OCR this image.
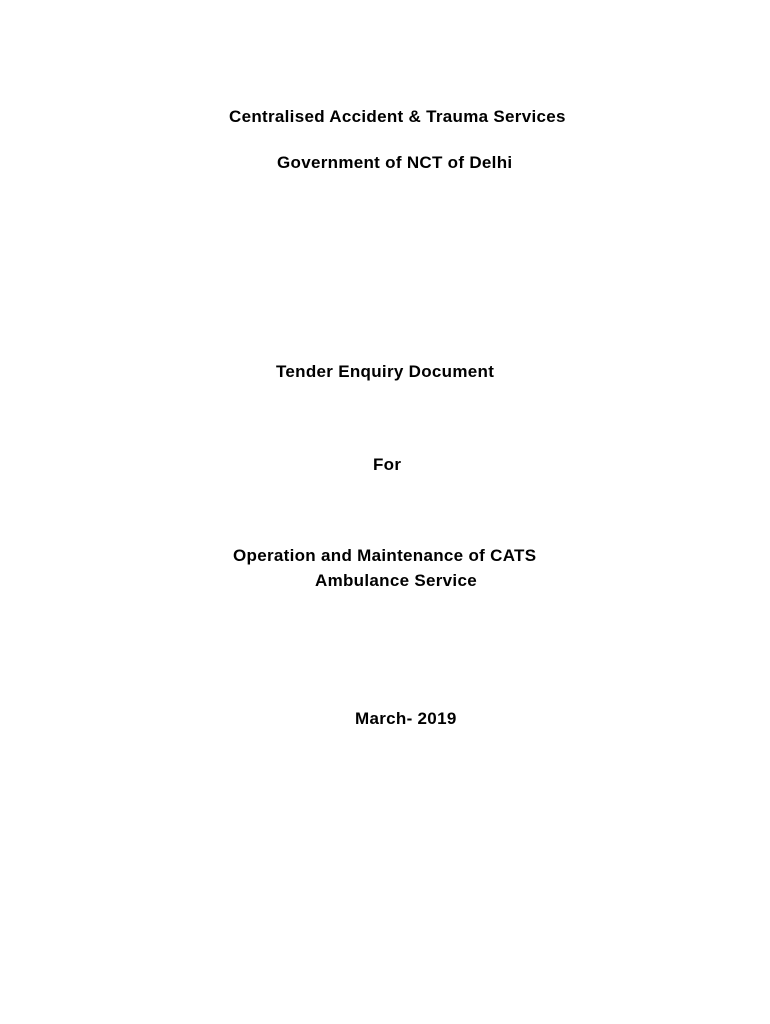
Centralised Accident & Trauma Services
Government of NCT of Delhi
Tender Enquiry Document
For
Operation and Maintenance of CATS
Ambulance Service
March- 2019
